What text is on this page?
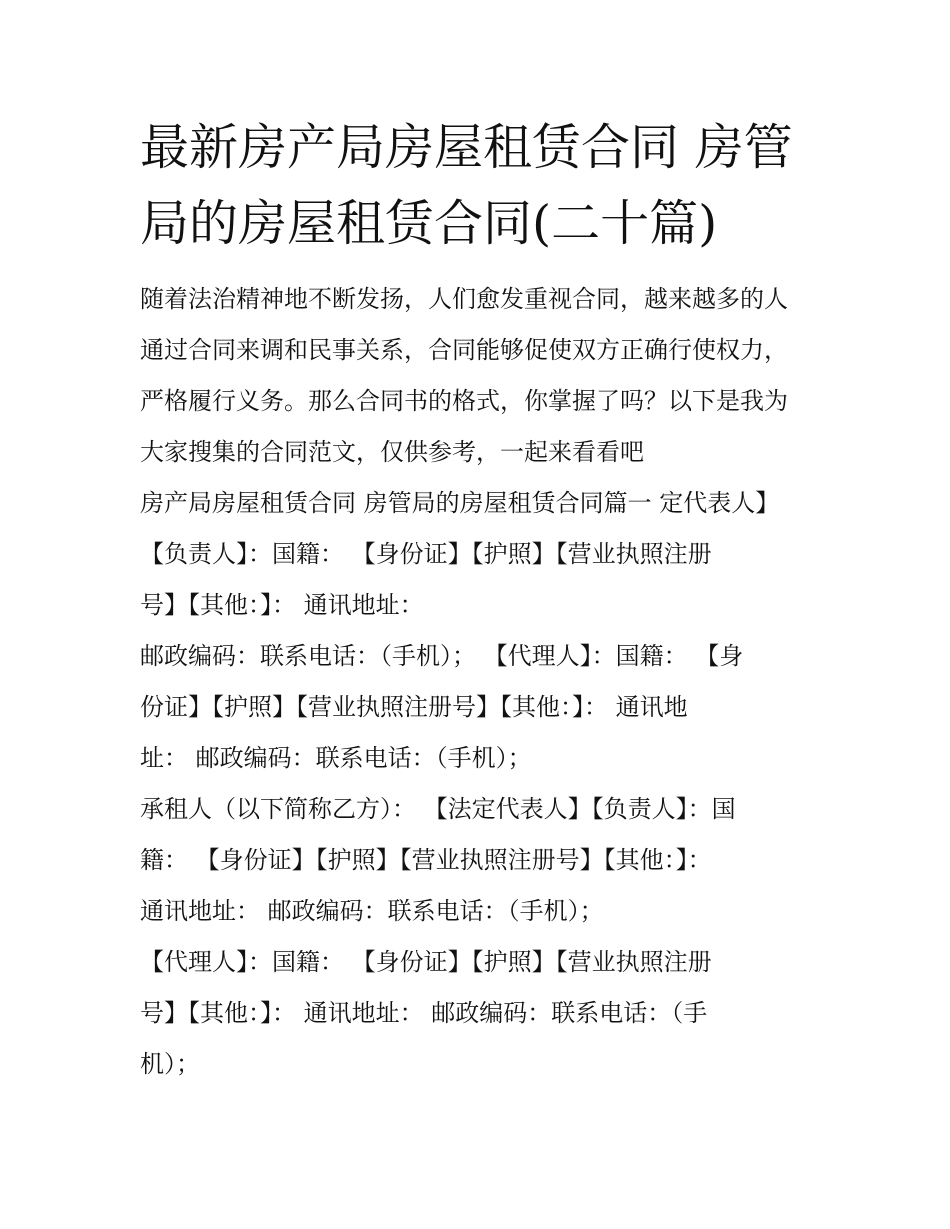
最新房产局房屋租赁合同 房管
局的房屋租赁合同(二十篇)
随着法治精神地不断发扬，人们愈发重视合同，越来越多的人
通过合同来调和民事关系，合同能够促使双方正确行使权力，
严格履行义务。那么合同书的格式，你掌握了吗？以下是我为
大家搜集的合同范文，仅供参考，一起来看看吧
房产局房屋租赁合同 房管局的房屋租赁合同篇一 定代表人】
【负责人】：国籍： 【身份证】【护照】【营业执照注册
号】【其他：】： 通讯地址：
邮政编码：联系电话：（手机）； 【代理人】：国籍： 【身
份证】【护照】【营业执照注册号】【其他：】： 通讯地
址： 邮政编码：联系电话：（手机）；
承租人（以下简称乙方）： 【法定代表人】【负责人】：国
籍： 【身份证】【护照】【营业执照注册号】【其他：】：
通讯地址： 邮政编码：联系电话：（手机）；
【代理人】：国籍： 【身份证】【护照】【营业执照注册
号】【其他：】： 通讯地址： 邮政编码：联系电话：（手
机）；
